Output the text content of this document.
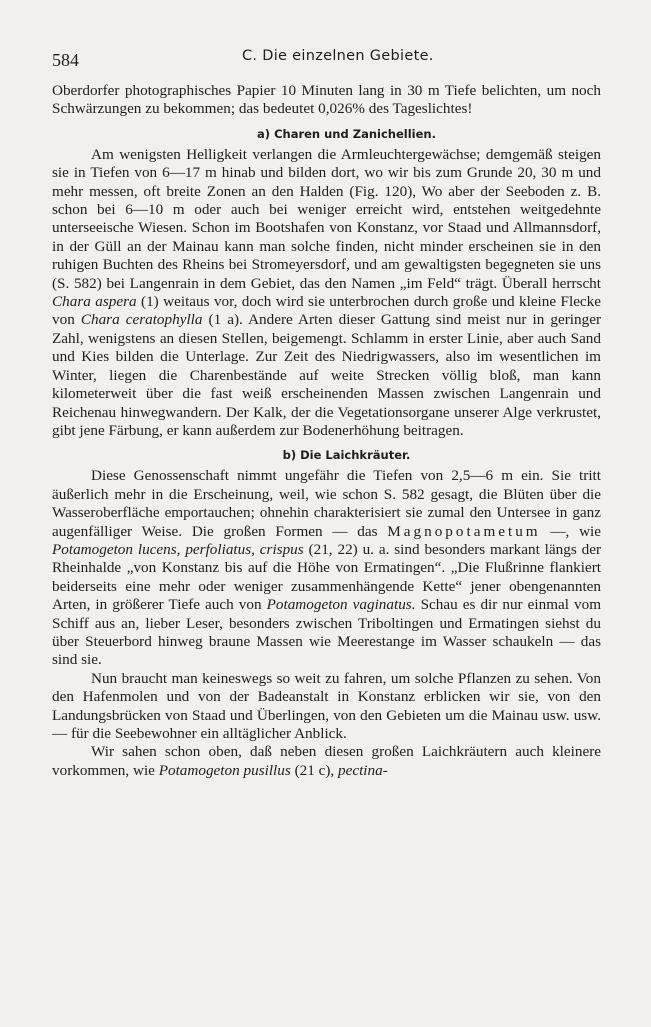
584	C. Die einzelnen Gebiete.

Oberdorfer photographisches Papier 10 Minuten lang in 30 m Tiefe belichten, um noch Schwärzungen zu bekommen; das bedeutet 0,026% des Tageslichtes!

a) Charen und Zanichellien.

Am wenigsten Helligkeit verlangen die Armleuchtergewächse; demgemäß steigen sie in Tiefen von 6—17 m hinab und bilden dort, wo wir bis zum Grunde 20, 30 m und mehr messen, oft breite Zonen an den Halden (Fig. 120), Wo aber der Seeboden z. B. schon bei 6—10 m oder auch bei weniger erreicht wird, entstehen weitgedehnte unterseeische Wiesen. Schon im Bootshafen von Konstanz, vor Staad und Allmannsdorf, in der Güll an der Mainau kann man solche finden, nicht minder erscheinen sie in den ruhigen Buchten des Rheins bei Stromeyersdorf, und am gewaltigsten begegneten sie uns (S. 582) bei Langenrain in dem Gebiet, das den Namen „im Feld“ trägt. Überall herrscht Chara aspera (1) weitaus vor, doch wird sie unterbrochen durch große und kleine Flecke von Chara ceratophylla (1 a). Andere Arten dieser Gattung sind meist nur in geringer Zahl, wenigstens an diesen Stellen, beigemengt. Schlamm in erster Linie, aber auch Sand und Kies bilden die Unterlage. Zur Zeit des Niedrigwassers, also im wesentlichen im Winter, liegen die Charenbestände auf weite Strecken völlig bloß, man kann kilometerweit über die fast weiß erscheinenden Massen zwischen Langenrain und Reichenau hinwegwandern. Der Kalk, der die Vegetationsorgane unserer Alge verkrustet, gibt jene Färbung, er kann außerdem zur Bodenerhöhung beitragen.

b) Die Laichkräuter.

Diese Genossenschaft nimmt ungefähr die Tiefen von 2,5—6 m ein. Sie tritt äußerlich mehr in die Erscheinung, weil, wie schon S. 582 gesagt, die Blüten über die Wasseroberfläche emportauchen; ohnehin charakterisiert sie zumal den Untersee in ganz augenfälliger Weise. Die großen Formen — das Magnopotametum —, wie Potamogeton lucens, perfoliatus, crispus (21, 22) u. a. sind besonders markant längs der Rheinhalde „von Konstanz bis auf die Höhe von Ermatingen“. „Die Flußrinne flankiert beiderseits eine mehr oder weniger zusammenhängende Kette“ jener obengenannten Arten, in größerer Tiefe auch von Potamogeton vaginatus. Schau es dir nur einmal vom Schiff aus an, lieber Leser, besonders zwischen Triboltingen und Ermatingen siehst du über Steuerbord hinweg braune Massen wie Meerestange im Wasser schaukeln — das sind sie.

Nun braucht man keineswegs so weit zu fahren, um solche Pflanzen zu sehen. Von den Hafenmolen und von der Badeanstalt in Konstanz erblicken wir sie, von den Landungsbrücken von Staad und Überlingen, von den Gebieten um die Mainau usw. usw. — für die Seebewohner ein alltäglicher Anblick.

Wir sahen schon oben, daß neben diesen großen Laichkräutern auch kleinere vorkommen, wie Potamogeton pusillus (21 c), pectina-
